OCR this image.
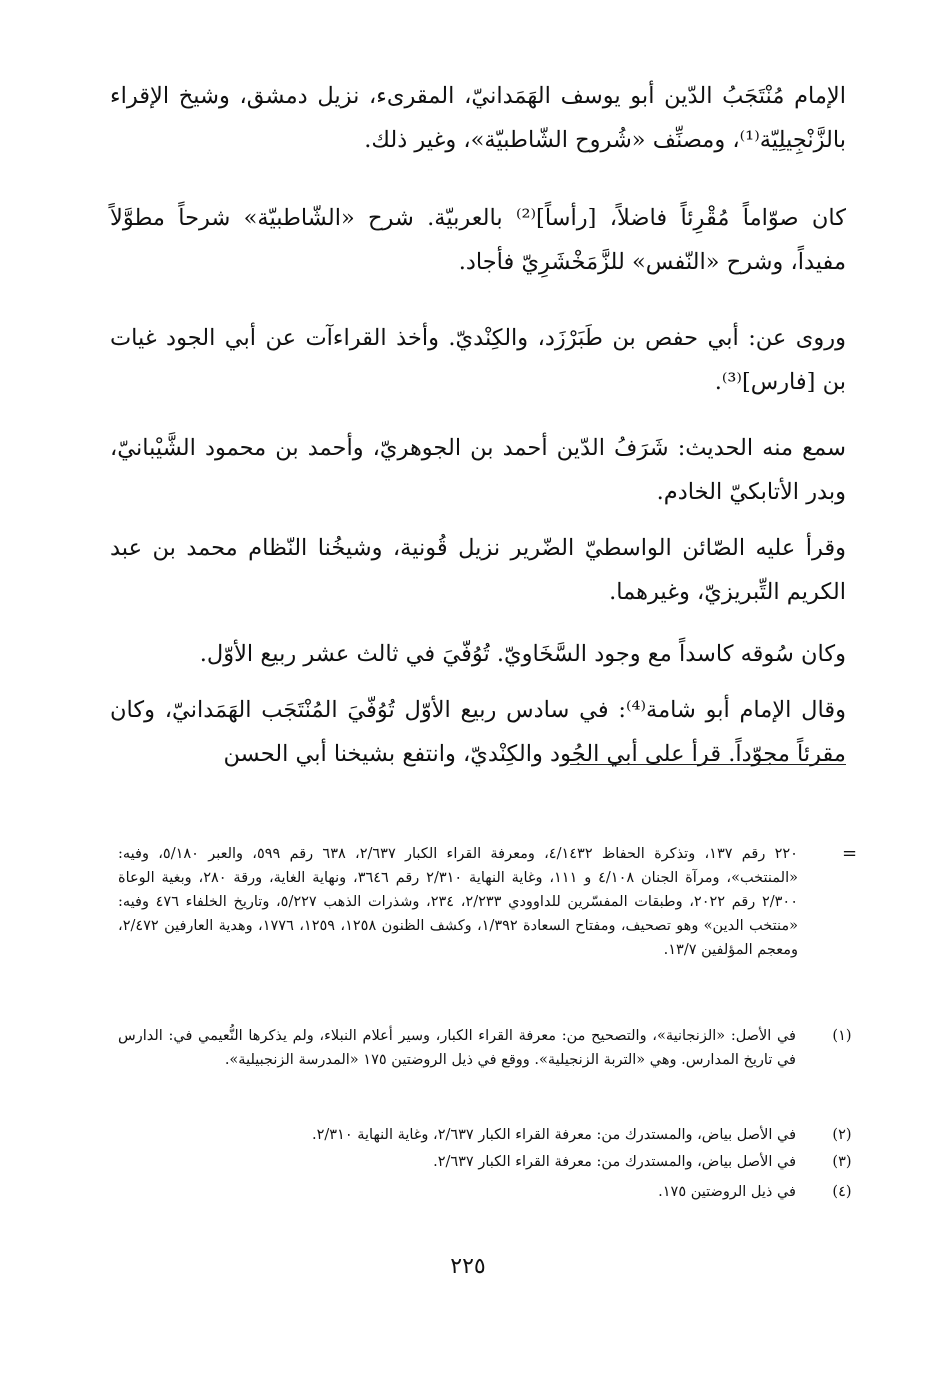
الإمام مُنْتَجَبُ الدّين أبو يوسف الهَمَدانيّ، المقرىء، نزيل دمشق، وشيخ الإقراء بالزَّنْجِيلِيّة⁽¹⁾، ومصنِّف «شُروح الشّاطبيّة»، وغير ذلك.

كان صوّاماً مُقْرِئاً فاضلاً، [رأساً]⁽²⁾ بالعربيّة. شرح «الشّاطبيّة» شرحاً مطوَّلاً مفيداً، وشرح «النّفس» للزَّمَخْشَرِيّ فأجاد.

وروى عن: أبي حفص بن طَبَرْزَد، والكِنْديّ. وأخذ القراءآت عن أبي الجود غيات بن [فارس]⁽³⁾.

سمع منه الحديث: شَرَفُ الدّين أحمد بن الجوهريّ، وأحمد بن محمود الشَّيْبانيّ، وبدر الأتابكيّ الخادم.

وقرأ عليه الصّائن الواسطيّ الضّرير نزيل قُونية، وشيخُنا النّظام محمد بن عبد الكريم التِّبريزيّ، وغيرهما.

وكان سُوقه كاسداً مع وجود السَّخَاويّ. تُوُفّيَ في ثالث عشر ربيع الأوّل.

وقال الإمام أبو شامة⁽⁴⁾: في سادس ربيع الأوّل تُوُفّيَ المُنْتَجَب الهَمَدانيّ، وكان مقرئاً مجوّداً. قرأ على أبي الجُود والكِنْديّ، وانتفع بشيخنا أبي الحسن

=

٢٢٠ رقم ١٣٧، وتذكرة الحفاظ ٤/١٤٣٢، ومعرفة القراء الكبار ٢/٦٣٧، ٦٣٨ رقم ٥٩٩، والعبر ٥/١٨٠، وفيه: «المنتخب»، ومرآة الجنان ٤/١٠٨ و ١١١، وغاية النهاية ٢/٣١٠ رقم ٣٦٤٦، ونهاية الغاية، ورقة ٢٨٠، وبغية الوعاة ٢/٣٠٠ رقم ٢٠٢٢، وطبقات المفسّرين للداوودي ٢/٢٣٣، ٢٣٤، وشذرات الذهب ٥/٢٢٧، وتاريخ الخلفاء ٤٧٦ وفيه: «منتخب الدين» وهو تصحيف، ومفتاح السعادة ١/٣٩٢، وكشف الظنون ١٢٥٨، ١٢٥٩، ١٧٧٦، وهدية العارفين ٢/٤٧٢، ومعجم المؤلفين ١٣/٧.

(١)
في الأصل: «الزنجانية»، والتصحيح من: معرفة القراء الكبار، وسير أعلام النبلاء، ولم يذكرها النُّعيمي في: الدارس في تاريخ المدارس. وهي «التربة الزنجيلية». ووقع في ذيل الروضتين ١٧٥ «المدرسة الزنجبيلية».
(٢)
في الأصل بياض، والمستدرك من: معرفة القراء الكبار ٢/٦٣٧، وغاية النهاية ٢/٣١٠.
(٣)
في الأصل بياض، والمستدرك من: معرفة القراء الكبار ٢/٦٣٧.
(٤)
في ذيل الروضتين ١٧٥.
٢٢٥
